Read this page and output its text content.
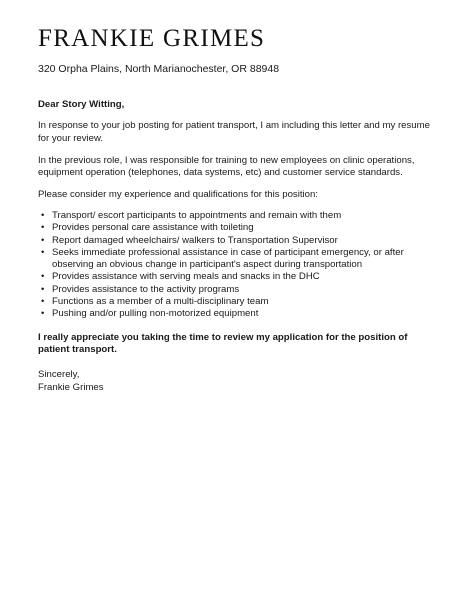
FRANKIE GRIMES
320 Orpha Plains, North Marianochester, OR 88948
Dear Story Witting,

In response to your job posting for patient transport, I am including this letter and my resume for your review.

In the previous role, I was responsible for training to new employees on clinic operations, equipment operation (telephones, data systems, etc) and customer service standards.

Please consider my experience and qualifications for this position:

• Transport/ escort participants to appointments and remain with them
• Provides personal care assistance with toileting
• Report damaged wheelchairs/ walkers to Transportation Supervisor
• Seeks immediate professional assistance in case of participant emergency, or after observing an obvious change in participant's aspect during transportation
• Provides assistance with serving meals and snacks in the DHC
• Provides assistance to the activity programs
• Functions as a member of a multi-disciplinary team
• Pushing and/or pulling non-motorized equipment
I really appreciate you taking the time to review my application for the position of patient transport.
Sincerely,
Frankie Grimes
